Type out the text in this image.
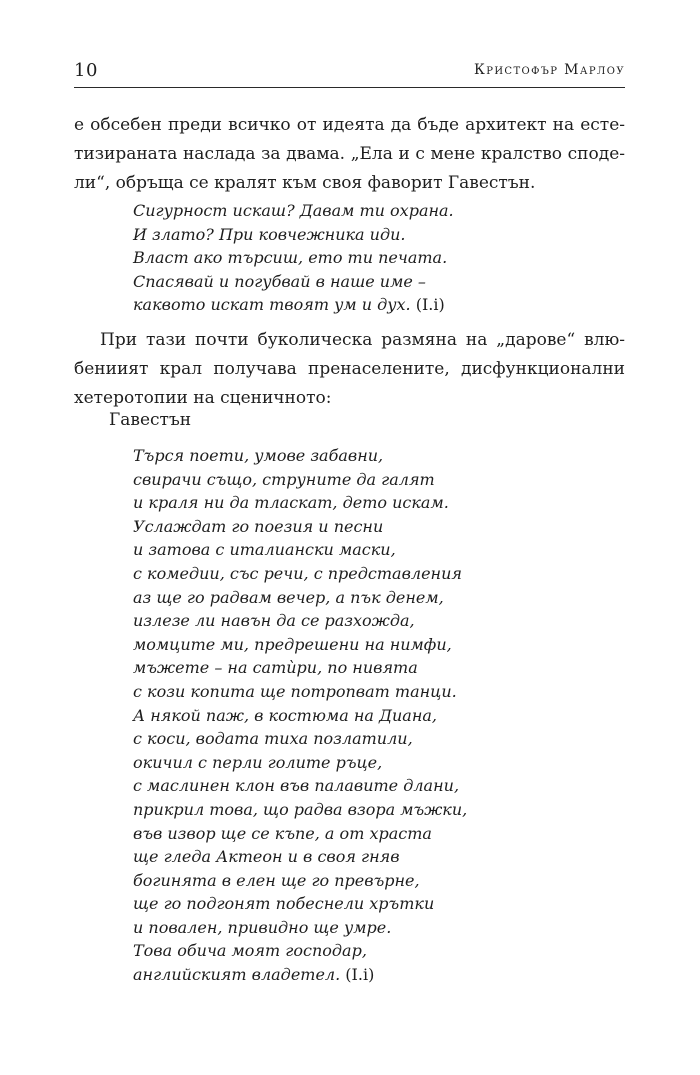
10	Кристофър Марлоу
е обсебен преди всичко от идеята да бъде архитект на есте-
тизираната наслада за двама. „Ела и с мене кралство споде-
ли“, обръща се кралят към своя фаворит Гавестън.
Сигурност искаш? Давам ти охрана.
И злато? При ковчежника иди.
Власт ако търсиш, ето ти печата.
Спасявай и погубвай в наше име –
каквото искат твоят ум и дух. (I.i)
При тази почти буколическа размяна на „дарове“ влю-
бениият крал получава пренаселените, дисфункционални
хетеротопии на сценичното:

Гавестън

Търся поети, умове забавни,
свирачи също, струните да галят
и краля ни да тласкат, дето искам.
Услаждат го поезия и песни
и затова с италиански маски,
с комедии, със речи, с представления
аз ще го радвам вечер, а пък денем,
излезе ли навън да се разхожда,
момците ми, предрешени на нимфи,
мъжете – на сатѝри, по нивята
с кози копита ще потропват танци.
А някой паж, в костюма на Диана,
с коси, водата тиха позлатили,
окичил с перли голите ръце,
с маслинен клон във палавите длани,
прикрил това, що радва взора мъжки,
във извор ще се къпе, а от храста
ще гледа Актеон и в своя гняв
богинята в елен ще го превърне,
ще го подгонят побеснели хрътки
и повален, привидно ще умре.
Това обича моят господар,
английският владетел. (I.i)
